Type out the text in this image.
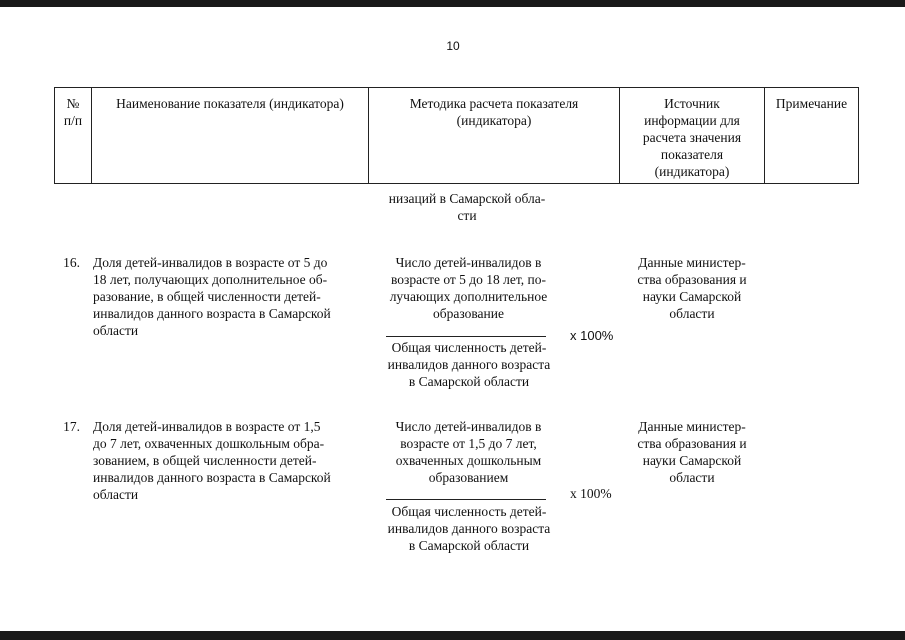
10
№
п/п
Наименование показателя (индикатора)	Методика расчета показателя
(индикатора)
Источник
информации для
расчета значения
показателя
(индикатора)
Примечание
низаций в Самарской обла-
сти
16. Доля детей-инвалидов в возрасте от 5 до
18 лет, получающих дополнительное об-
разование, в общей численности детей-
инвалидов данного возраста в Самарской
области
Число детей-инвалидов в
возрасте от 5 до 18 лет, по-
лучающих дополнительное
образование
x 100%
Общая численность детей-
инвалидов данного возраста
в Самарской области
Данные министер-
ства образования и
науки Самарской
области
17. Доля детей-инвалидов в возрасте от 1,5
до 7 лет, охваченных дошкольным обра-
зованием, в общей численности детей-
инвалидов данного возраста в Самарской
области
Число детей-инвалидов в
возрасте от 1,5 до 7 лет,
охваченных дошкольным
образованием
x 100%
Общая численность детей-
инвалидов данного возраста
в Самарской области
Данные министер-
ства образования и
науки Самарской
области
